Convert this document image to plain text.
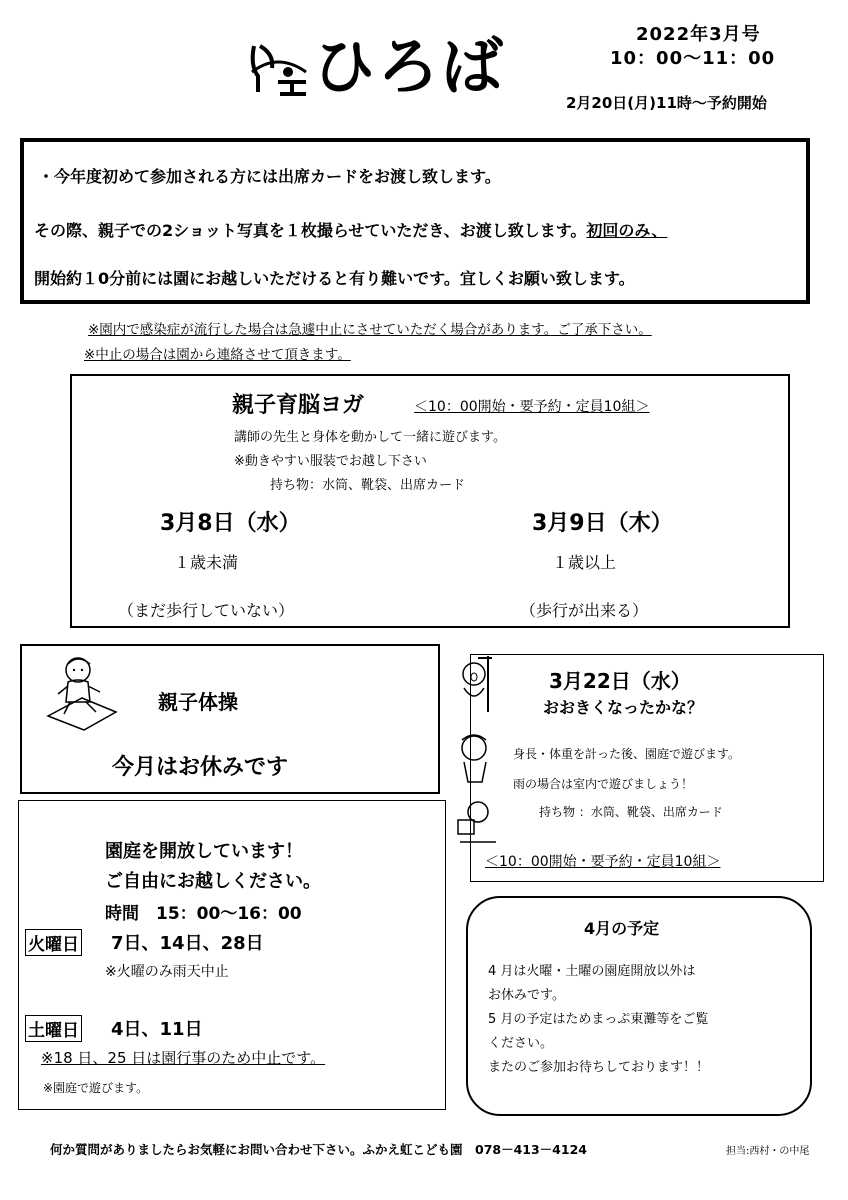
ひろば	2022年3月号
10：00～11：00
2月20日(月)11時～予約開始
・今年度初めて参加される方には出席カードをお渡し致します。
その際、親子での2ショット写真を１枚撮らせていただき、お渡し致します。初回のみ、
開始約１0分前には園にお越しいただけると有り難いです。宜しくお願い致します。
※園内で感染症が流行した場合は急遽中止にさせていただく場合があります。ご了承下さい。
※中止の場合は園から連絡させて頂きます。
親子育脳ヨガ	＜10：00開始・要予約・定員10組＞
講師の先生と身体を動かして一緒に遊びます。
※動きやすい服装でお越し下さい
持ち物：水筒、靴袋、出席カード
3月8日（水）
１歳未満
（まだ歩行していない）
3月9日（木）
１歳以上
（歩行が出来る）
親子体操
今月はお休みです
3月22日（水）
おおきくなったかな？
身長・体重を計った後、園庭で遊びます。
雨の場合は室内で遊びましょう！
持ち物 ：水筒、靴袋、出席カード
＜10：00開始・要予約・定員10組＞
園庭を開放しています！
ご自由にお越しください。
時間　15：00～16：00
火曜日 7日、14日、28日
※火曜のみ雨天中止
土曜日 4日、11日
※18 日、25 日は園行事のため中止です。
※園庭で遊びます。
4月の予定
4 月は火曜・土曜の園庭開放以外は
お休みです。
5 月の予定はためまっぷ東灘等をご覧
ください。
またのご参加お待ちしております！！
何か質問がありましたらお気軽にお問い合わせ下さい。ふかえ虹こども園　078－413－4124	担当:西村・の中尾
